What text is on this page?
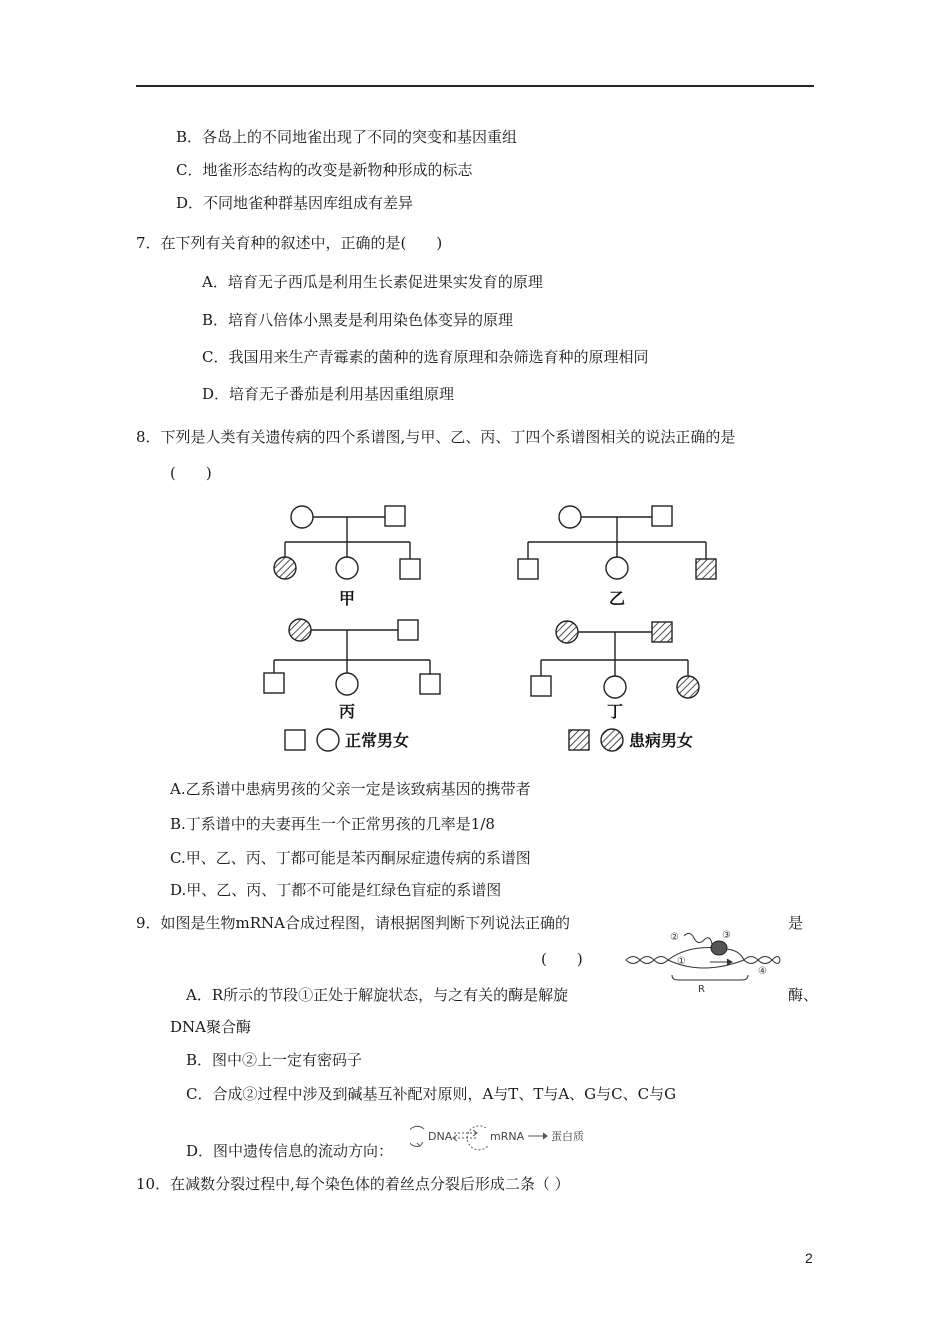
B．各岛上的不同地雀出现了不同的突变和基因重组
C．地雀形态结构的改变是新物种形成的标志
D．不同地雀种群基因库组成有差异
7．在下列有关育种的叙述中，正确的是(　　)
A．培育无子西瓜是利用生长素促进果实发育的原理
B．培育八倍体小黑麦是利用染色体变异的原理
C．我国用来生产青霉素的菌种的选育原理和杂筛选育种的原理相同
D．培育无子番茄是利用基因重组原理
8．下列是人类有关遗传病的四个系谱图,与甲、乙、丙、丁四个系谱图相关的说法正确的是
(　　)
甲	乙
丙	丁
正常男女	患病男女
A.乙系谱中患病男孩的父亲一定是该致病基因的携带者
B.丁系谱中的夫妻再生一个正常男孩的几率是1/8
C.甲、乙、丙、丁都可能是苯丙酮尿症遗传病的系谱图
D.甲、乙、丙、丁都不可能是红绿色盲症的系谱图
9．如图是生物mRNA合成过程图，请根据图判断下列说法正确的	是
(　　)
②	③
①
④
R
A．R所示的节段①正处于解旋状态，与之有关的酶是解旋	酶、
DNA聚合酶
B．图中②上一定有密码子
C．合成②过程中涉及到碱基互补配对原则，A与T、T与A、G与C、C与G
D．图中遗传信息的流动方向：
DNA	mRNA 蛋白质
10．在减数分裂过程中,每个染色体的着丝点分裂后形成二条（ ）
2
